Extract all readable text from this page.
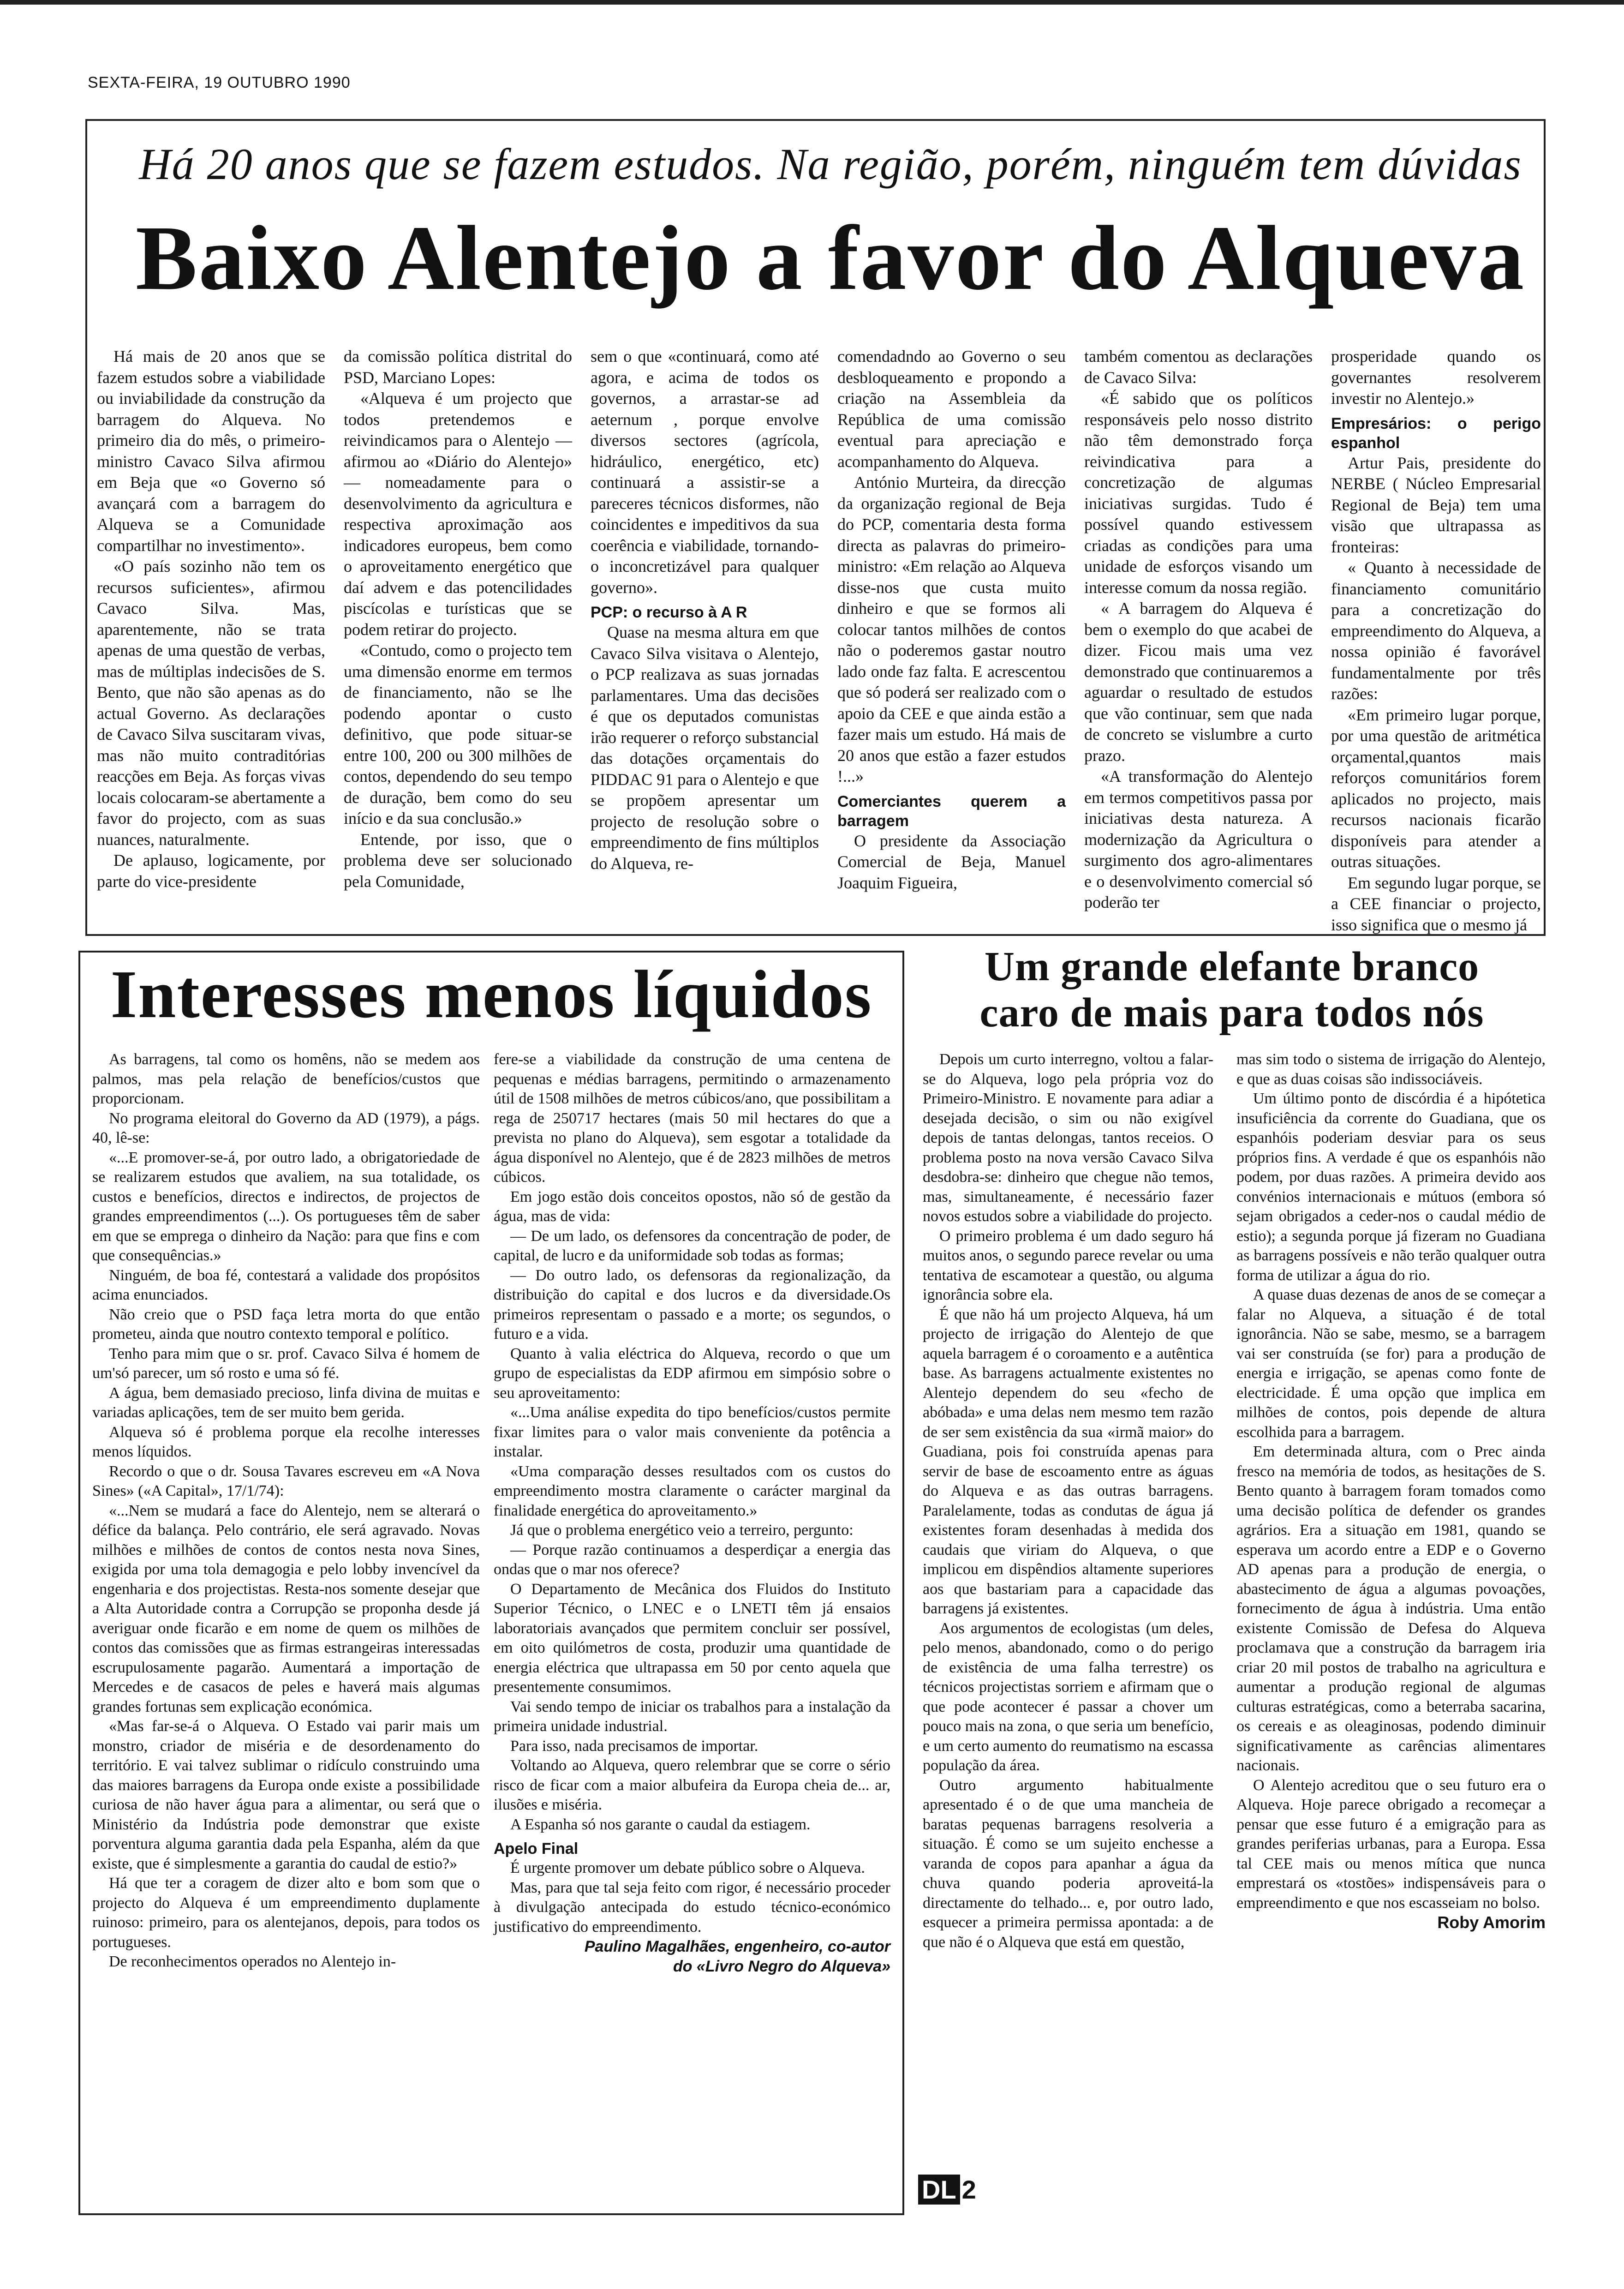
SEXTA-FEIRA, 19 OUTUBRO 1990
Há 20 anos que se fazem estudos. Na região, porém, ninguém tem dúvidas
Baixo Alentejo a favor do Alqueva

Há mais de 20 anos que se fazem estudos sobre a viabilidade ou inviabilidade da construção da barragem do Alqueva. No primeiro dia do mês, o primeiro-ministro Cavaco Silva afirmou em Beja que «o Governo só avançará com a barragem do Alqueva se a Comunidade compartilhar no investimento».

«O país sozinho não tem os recursos suficientes», afirmou Cavaco Silva. Mas, aparentemente, não se trata apenas de uma questão de verbas, mas de múltiplas indecisões de S. Bento, que não são apenas as do actual Governo. As declarações de Cavaco Silva suscitaram vivas, mas não muito contraditórias reacções em Beja. As forças vivas locais colocaram-se abertamente a favor do projecto, com as suas nuances, naturalmente.

De aplauso, logicamente, por parte do vice-presidente

da comissão política distrital do PSD, Marciano Lopes:

«Alqueva é um projecto que todos pretendemos e reivindicamos para o Alentejo — afirmou ao «Diário do Alentejo» — nomeadamente para o desenvolvimento da agricultura e respectiva aproximação aos indicadores europeus, bem como o aproveitamento energético que daí advem e das potencilidades piscícolas e turísticas que se podem retirar do projecto.

«Contudo, como o projecto tem uma dimensão enorme em termos de financiamento, não se lhe podendo apontar o custo definitivo, que pode situar-se entre 100, 200 ou 300 milhões de contos, dependendo do seu tempo de duração, bem como do seu início e da sua conclusão.»

Entende, por isso, que o problema deve ser solucionado pela Comunidade,

sem o que «continuará, como até agora, e acima de todos os governos, a arrastar-se ad aeternum , porque envolve diversos sectores (agrícola, hidráulico, energético, etc) continuará a assistir-se a pareceres técnicos disformes, não coincidentes e impeditivos da sua coerência e viabilidade, tornando-o inconcretizável para qualquer governo».

PCP: o recurso à A R

Quase na mesma altura em que Cavaco Silva visitava o Alentejo, o PCP realizava as suas jornadas parlamentares. Uma das decisões é que os deputados comunistas irão requerer o reforço substancial das dotações orçamentais do PIDDAC 91 para o Alentejo e que se propõem apresentar um projecto de resolução sobre o empreendimento de fins múltiplos do Alqueva, re-

comendadndo ao Governo o seu desbloqueamento e propondo a criação na Assembleia da República de uma comissão eventual para apreciação e acompanhamento do Alqueva.

António Murteira, da direcção da organização regional de Beja do PCP, comentaria desta forma directa as palavras do primeiro-ministro: «Em relação ao Alqueva disse-nos que custa muito dinheiro e que se formos ali colocar tantos milhões de contos não o poderemos gastar noutro lado onde faz falta. E acrescentou que só poderá ser realizado com o apoio da CEE e que ainda estão a fazer mais um estudo. Há mais de 20 anos que estão a fazer estudos !...»

Comerciantes querem a barragem

O presidente da Associação Comercial de Beja, Manuel Joaquim Figueira,

também comentou as declarações de Cavaco Silva:

«É sabido que os políticos responsáveis pelo nosso distrito não têm demonstrado força reivindicativa para a concretização de algumas iniciativas surgidas. Tudo é possível quando estivessem criadas as condições para uma unidade de esforços visando um interesse comum da nossa região.

« A barragem do Alqueva é bem o exemplo do que acabei de dizer. Ficou mais uma vez demonstrado que continuaremos a aguardar o resultado de estudos que vão continuar, sem que nada de concreto se vislumbre a curto prazo.

«A transformação do Alentejo em termos competitivos passa por iniciativas desta natureza. A modernização da Agricultura o surgimento dos agro-alimentares e o desenvolvimento comercial só poderão ter

prosperidade quando os governantes resolverem investir no Alentejo.»

Empresários: o perigo espanhol

Artur Pais, presidente do NERBE ( Núcleo Empresarial Regional de Beja) tem uma visão que ultrapassa as fronteiras:

« Quanto à necessidade de financiamento comunitário para a concretização do empreendimento do Alqueva, a nossa opinião é favorável fundamentalmente por três razões:

«Em primeiro lugar porque, por uma questão de aritmética orçamental,quantos mais reforços comunitários forem aplicados no projecto, mais recursos nacionais ficarão disponíveis para atender a outras situações.

Em segundo lugar porque, se a CEE financiar o projecto, isso significa que o mesmo já

Interesses menos líquidos

As barragens, tal como os homêns, não se medem aos palmos, mas pela relação de benefícios/custos que proporcionam.

No programa eleitoral do Governo da AD (1979), a págs. 40, lê-se:

«...E promover-se-á, por outro lado, a obrigatoriedade de se realizarem estudos que avaliem, na sua totalidade, os custos e benefícios, directos e indirectos, de projectos de grandes empreendimentos (...). Os portugueses têm de saber em que se emprega o dinheiro da Nação: para que fins e com que consequências.»

Ninguém, de boa fé, contestará a validade dos propósitos acima enunciados.

Não creio que o PSD faça letra morta do que então prometeu, ainda que noutro contexto temporal e político.

Tenho para mim que o sr. prof. Cavaco Silva é homem de um'só parecer, um só rosto e uma só fé.

A água, bem demasiado precioso, linfa divina de muitas e variadas aplicações, tem de ser muito bem gerida.

Alqueva só é problema porque ela recolhe interesses menos líquidos.

Recordo o que o dr. Sousa Tavares escreveu em «A Nova Sines» («A Capital», 17/1/74):

«...Nem se mudará a face do Alentejo, nem se alterará o défice da balança. Pelo contrário, ele será agravado. Novas milhões e milhões de contos de contos nesta nova Sines, exigida por uma tola demagogia e pelo lobby invencível da engenharia e dos projectistas. Resta-nos somente desejar que a Alta Autoridade contra a Corrupção se proponha desde já averiguar onde ficarão e em nome de quem os milhões de contos das comissões que as firmas estrangeiras interessadas escrupulosamente pagarão. Aumentará a importação de Mercedes e de casacos de peles e haverá mais algumas grandes fortunas sem explicação económica.

«Mas far-se-á o Alqueva. O Estado vai parir mais um monstro, criador de miséria e de desordenamento do território. E vai talvez sublimar o ridículo construindo uma das maiores barragens da Europa onde existe a possibilidade curiosa de não haver água para a alimentar, ou será que o Ministério da Indústria pode demonstrar que existe porventura alguma garantia dada pela Espanha, além da que existe, que é simplesmente a garantia do caudal de estio?»

Há que ter a coragem de dizer alto e bom som que o projecto do Alqueva é um empreendimento duplamente ruinoso: primeiro, para os alentejanos, depois, para todos os portugueses.

De reconhecimentos operados no Alentejo in-

fere-se a viabilidade da construção de uma centena de pequenas e médias barragens, permitindo o armazenamento útil de 1508 milhões de metros cúbicos/ano, que possibilitam a rega de 250717 hectares (mais 50 mil hectares do que a prevista no plano do Alqueva), sem esgotar a totalidade da água disponível no Alentejo, que é de 2823 milhões de metros cúbicos.

Em jogo estão dois conceitos opostos, não só de gestão da água, mas de vida:

— De um lado, os defensores da concentração de poder, de capital, de lucro e da uniformidade sob todas as formas;

— Do outro lado, os defensoras da regionalização, da distribuição do capital e dos lucros e da diversidade.Os primeiros representam o passado e a morte; os segundos, o futuro e a vida.

Quanto à valia eléctrica do Alqueva, recordo o que um grupo de especialistas da EDP afirmou em simpósio sobre o seu aproveitamento:

«...Uma análise expedita do tipo benefícios/custos permite fixar limites para o valor mais conveniente da potência a instalar.

«Uma comparação desses resultados com os custos do empreendimento mostra claramente o carácter marginal da finalidade energética do aproveitamento.»

Já que o problema energético veio a terreiro, pergunto:

— Porque razão continuamos a desperdiçar a energia das ondas que o mar nos oferece?

O Departamento de Mecânica dos Fluidos do Instituto Superior Técnico, o LNEC e o LNETI têm já ensaios laboratoriais avançados que permitem concluir ser possível, em oito quilómetros de costa, produzir uma quantidade de energia eléctrica que ultrapassa em 50 por cento aquela que presentemente consumimos.

Vai sendo tempo de iniciar os trabalhos para a instalação da primeira unidade industrial.

Para isso, nada precisamos de importar.

Voltando ao Alqueva, quero relembrar que se corre o sério risco de ficar com a maior albufeira da Europa cheia de... ar, ilusões e miséria.

A Espanha só nos garante o caudal da estiagem.

Apelo Final

É urgente promover um debate público sobre o Alqueva.

Mas, para que tal seja feito com rigor, é necessário proceder à divulgação antecipada do estudo técnico-económico justificativo do empreendimento.

Paulino Magalhães, engenheiro, co-autor

do «Livro Negro do Alqueva»

Um grande elefante branco
caro de mais para todos nós

Depois um curto interregno, voltou a falar-se do Alqueva, logo pela própria voz do Primeiro-Ministro. E novamente para adiar a desejada decisão, o sim ou não exigível depois de tantas delongas, tantos receios. O problema posto na nova versão Cavaco Silva desdobra-se: dinheiro que chegue não temos, mas, simultaneamente, é necessário fazer novos estudos sobre a viabilidade do projecto.

O primeiro problema é um dado seguro há muitos anos, o segundo parece revelar ou uma tentativa de escamotear a questão, ou alguma ignorância sobre ela.

É que não há um projecto Alqueva, há um projecto de irrigação do Alentejo de que aquela barragem é o coroamento e a autêntica base. As barragens actualmente existentes no Alentejo dependem do seu «fecho de abóbada» e uma delas nem mesmo tem razão de ser sem existência da sua «irmã maior» do Guadiana, pois foi construída apenas para servir de base de escoamento entre as águas do Alqueva e as das outras barragens. Paralelamente, todas as condutas de água já existentes foram desenhadas à medida dos caudais que viriam do Alqueva, o que implicou em dispêndios altamente superiores aos que bastariam para a capacidade das barragens já existentes.

Aos argumentos de ecologistas (um deles, pelo menos, abandonado, como o do perigo de existência de uma falha terrestre) os técnicos projectistas sorriem e afirmam que o que pode acontecer é passar a chover um pouco mais na zona, o que seria um benefício, e um certo aumento do reumatismo na escassa população da área.

Outro argumento habitualmente apresentado é o de que uma mancheia de baratas pequenas barragens resolveria a situação. É como se um sujeito enchesse a varanda de copos para apanhar a água da chuva quando poderia aproveitá-la directamente do telhado... e, por outro lado, esquecer a primeira permissa apontada: a de que não é o Alqueva que está em questão,

mas sim todo o sistema de irrigação do Alentejo, e que as duas coisas são indissociáveis.

Um último ponto de discórdia é a hipótetica insuficiência da corrente do Guadiana, que os espanhóis poderiam desviar para os seus próprios fins. A verdade é que os espanhóis não podem, por duas razões. A primeira devido aos convénios internacionais e mútuos (embora só sejam obrigados a ceder-nos o caudal médio de estio); a segunda porque já fizeram no Guadiana as barragens possíveis e não terão qualquer outra forma de utilizar a água do rio.

A quase duas dezenas de anos de se começar a falar no Alqueva, a situação é de total ignorância. Não se sabe, mesmo, se a barragem vai ser construída (se for) para a produção de energia e irrigação, se apenas como fonte de electricidade. É uma opção que implica em milhões de contos, pois depende de altura escolhida para a barragem.

Em determinada altura, com o Prec ainda fresco na memória de todos, as hesitações de S. Bento quanto à barragem foram tomados como uma decisão política de defender os grandes agrários. Era a situação em 1981, quando se esperava um acordo entre a EDP e o Governo AD apenas para a produção de energia, o abastecimento de água a algumas povoações, fornecimento de água à indústria. Uma então existente Comissão de Defesa do Alqueva proclamava que a construção da barragem iria criar 20 mil postos de trabalho na agricultura e aumentar a produção regional de algumas culturas estratégicas, como a beterraba sacarina, os cereais e as oleaginosas, podendo diminuir significativamente as carências alimentares nacionais.

O Alentejo acreditou que o seu futuro era o Alqueva. Hoje parece obrigado a recomeçar a pensar que esse futuro é a emigração para as grandes periferias urbanas, para a Europa. Essa tal CEE mais ou menos mítica que nunca emprestará os «tostões» indispensáveis para o empreendimento e que nos escasseiam no bolso.

Roby Amorim
DL 2
